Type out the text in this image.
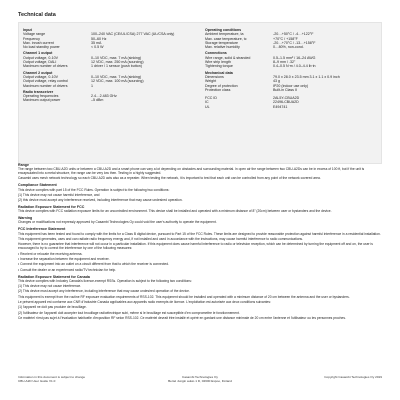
Technical data
Input
Voltage range	100–240 VAC (CE/UL/CSA) 277 VAC (UL/CSA only)
Frequency	50–60 Hz
Max. inrush current	35 mA
No load standby power	< 0.5 W
Channel 1 output
Output voltage, 0-10V	0–10 VDC, max. 7 mA (sinking)
Output voltage, DALI	12 VDC, max. 250 mA (sourcing)
Maximum number of drivers	1 driver / 1 sensor (push button)
Channel 2 output
Output voltage, 0-10V	0–10 VDC, max. 7 mA (sinking)
Output voltage, relay control	12 VDC, max. 100 mA (sourcing)
Maximum number of drivers	1
Radio transceiver
Operating frequencies	2.4…2.483 GHz
Maximum output power	–5 dBm
Operating conditions
Ambient temperature, ta	-20…+50°C / -4…+122°F
Max. case temperature, tc	+70°C / +158°F
Storage temperature	-20…+70°C / -13…+158°F
Max. relative humidity	0…80%, non-cond.
Connections
Wire range, solid & stranded	0.5–1.5 mm² / 16–24 AWG
Wire strip length	8–9 mm / .32"
Tightening torque	0.4–0.5 N·m / 4.0–4.4 lb·in
Mechanical data
Dimensions	79.0 x 28.0 x 23.5 mm 3.1 x 1.1 x 0.9 inch
Weight	43 g
Degree of protection	IP20 (indoor use only)
Protection class	Built-in Class II
FCC ID	2AL5Y-CBUA2D
IC	22496-CBUA2D
UL	E494741
Range

The range between two CBU-A2D units or between a CBU-A2D and a smart phone can vary a lot depending on obstacles and surrounding material. In open air the range between two CBU-A2Ds can be in excess of 100 ft, but if the unit is encapsulated into a metal structure, the range can be very low then. Testing in a highly suggested.

Casambi uses mesh network technology so each CBU-A2D acts also as a repeater. When testing the network, it is important to test that each unit can be controlled from any point of the network covered area.

Compliance Statement

This device complies with part 15 of the FCC Rules. Operation is subject to the following two conditions:

(1) This device may not cause harmful interference, and

(2) this device must accept any interference received, including interference that may cause undesired operation.

Radiation Exposure Statement for FCC

This device complies with FCC radiation exposure limits for an uncontrolled environment. This device shall be installed and operated with a minimum distance of 8" (20cm) between user or bystanders and the device.

Warning

Changes or modifications not expressly approved by Casambi Technologies Oy could void the user's authority to operate the equipment.

FCC Interference Statement

This equipment has been tested and found to comply with the limits for a Class B digital device, pursuant to Part 15 of the FCC Rules. These limits are designed to provide reasonable protection against harmful interference in a residential installation.

This equipment generates, uses and can radiate radio frequency energy and, if not installed and used in accordance with the instructions, may cause harmful interference to radio communications.

However, there is no guarantee that interference will not occur in a particular installation. If this equipment does cause harmful interference to radio or television reception, which can be determined by turning the equipment off and on, the user is encouraged to try to correct the interference by one of the following measures:

• Reorient or relocate the receiving antenna.

• Increase the separation between the equipment and receiver.

• Connect the equipment into an outlet on a circuit different from that to which the receiver is connected.

• Consult the dealer or an experienced radio/TV technician for help.

Radiation Exposure Statement for Canada

This device complies with Industry Canada's licence-exempt RSSs. Operation is subject to the following two conditions:

(1) This device may not cause interference.

(2) This device must accept any interference, including interference that may cause undesired operation of the device.

This equipment is exempt from the routine RF exposure evaluation requirements of RSS-102. This equipment should be installed and operated with a minimum distance of 20 cm between the antenna and the user or bystanders.

Le présent appareil est conforme aux CNR d'Industrie Canada applicables aux appareils radio exempts de licence. L'exploitation est autorisée aux deux conditions suivantes:

(1) l'appareil ne doit pas produire de brouillage.

(2) l'utilisateur de l'appareil doit accepter tout brouillage radioélectrique subi, même si le brouillage est susceptible d'en compromettre le fonctionnement.

Ce matériel n'est pas sujet à l'évaluation habituelle d'exposition RF selon RSS-102. Ce matériel devrait être installé et opéré en gardant une distance minimale de 20 cm entre l'antenne et l'utilisateur ou les personnes proches.

Information in this document is subject to change
CBU-A2D User Guide V1.0
Casambi Technologies Oy
Bertel Jungin aukio 1 D, 02600 Espoo, Finland
Copyright Casambi Technologies Oy 2019
